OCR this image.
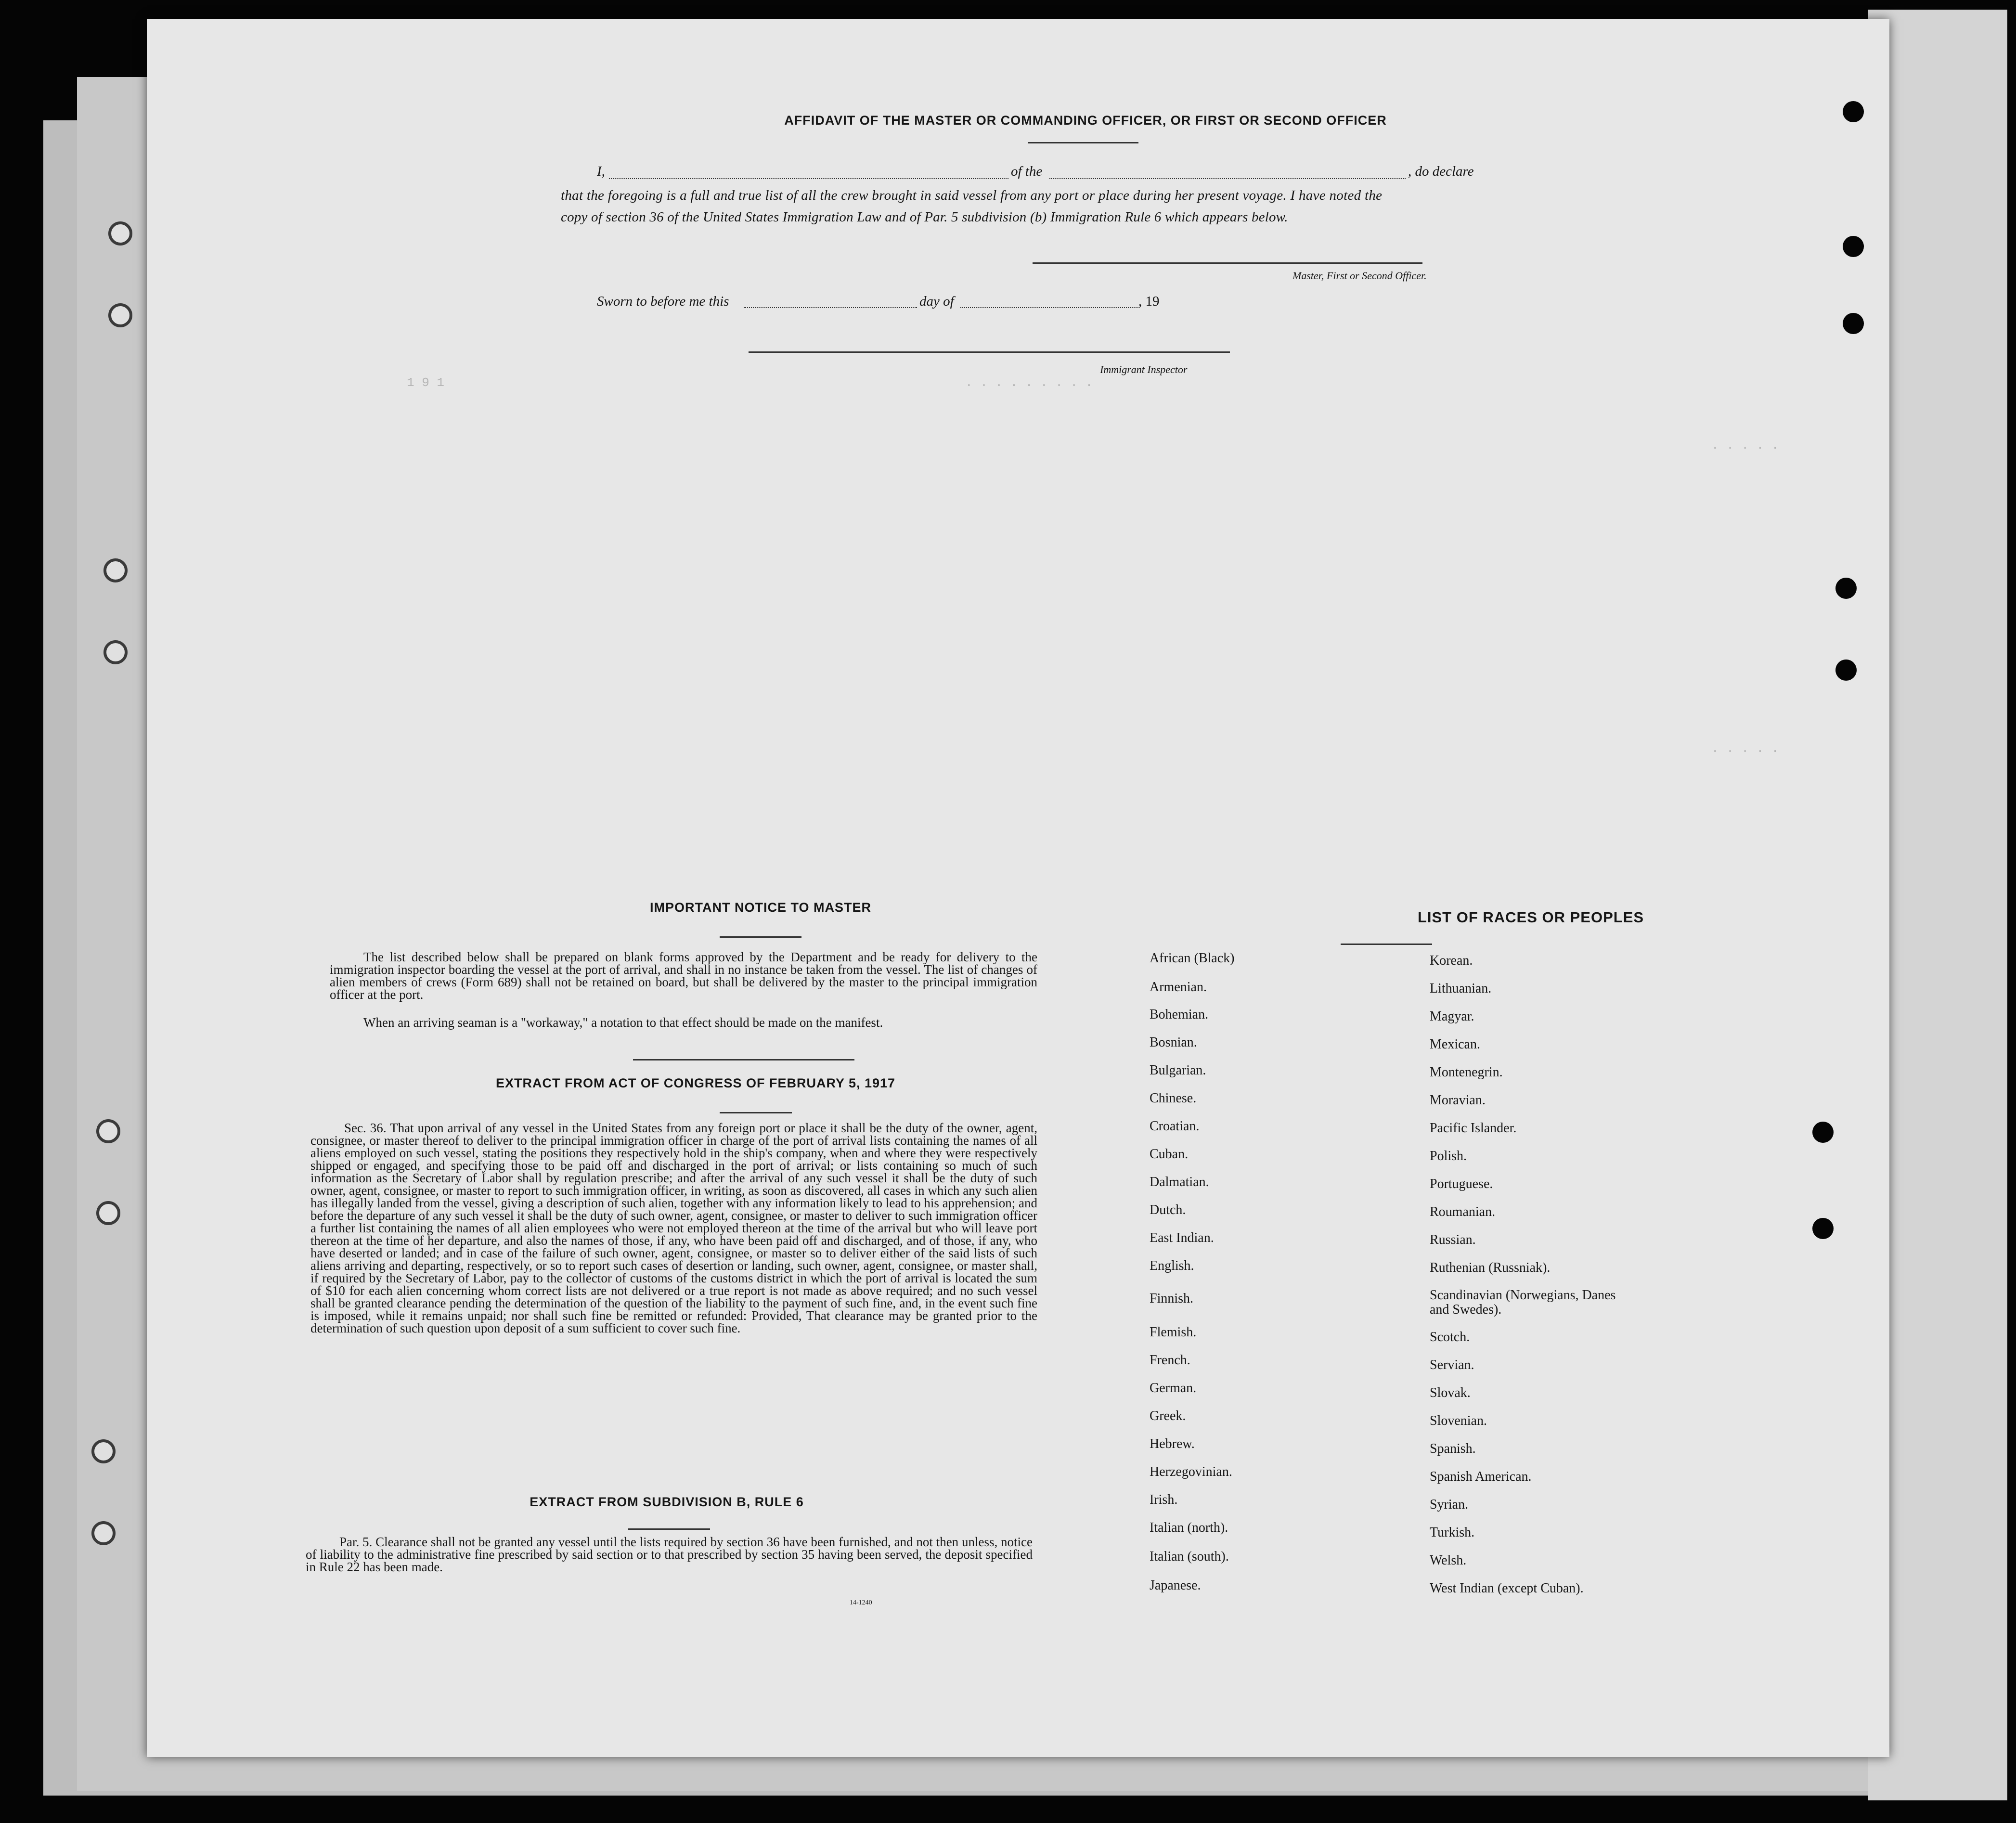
1 9 1	. . . . . . . . .
. . . . .
. . . . .
AFFIDAVIT OF THE MASTER OR COMMANDING OFFICER, OR FIRST OR SECOND OFFICER
I,	of the	, do declare
that the foregoing is a full and true list of all the crew brought in said vessel from any port or place during her present voyage. I have noted the
copy of section 36 of the United States Immigration Law and of Par. 5 subdivision (b) Immigration Rule 6 which appears below.
Master, First or Second Officer.
Sworn to before me this	day of	, 19
Immigrant Inspector
IMPORTANT NOTICE TO MASTER
The list described below shall be prepared on blank forms approved by the Department and be ready for delivery to the immigration inspector boarding the vessel at the port of arrival, and shall in no instance be taken from the vessel. The list of changes of alien members of crews (Form 689) shall not be retained on board, but shall be delivered by the master to the principal immigration officer at the port.
When an arriving seaman is a "workaway," a notation to that effect should be made on the manifest.
EXTRACT FROM ACT OF CONGRESS OF FEBRUARY 5, 1917
Sec. 36. That upon arrival of any vessel in the United States from any foreign port or place it shall be the duty of the owner, agent, consignee, or master thereof to deliver to the principal immigration officer in charge of the port of arrival lists containing the names of all aliens employed on such vessel, stating the positions they respectively hold in the ship's company, when and where they were respectively shipped or engaged, and specifying those to be paid off and discharged in the port of arrival; or lists containing so much of such information as the Secretary of Labor shall by regulation prescribe; and after the arrival of any such vessel it shall be the duty of such owner, agent, consignee, or master to report to such immigration officer, in writing, as soon as discovered, all cases in which any such alien has illegally landed from the vessel, giving a description of such alien, together with any information likely to lead to his apprehension; and before the departure of any such vessel it shall be the duty of such owner, agent, consignee, or master to deliver to such immigration officer a further list containing the names of all alien employees who were not employed thereon at the time of the arrival but who will leave port thereon at the time of her departure, and also the names of those, if any, who have been paid off and discharged, and of those, if any, who have deserted or landed; and in case of the failure of such owner, agent, consignee, or master so to deliver either of the said lists of such aliens arriving and departing, respectively, or so to report such cases of desertion or landing, such owner, agent, consignee, or master shall, if required by the Secretary of Labor, pay to the collector of customs of the customs district in which the port of arrival is located the sum of $10 for each alien concerning whom correct lists are not delivered or a true report is not made as above required; and no such vessel shall be granted clearance pending the determination of the question of the liability to the payment of such fine, and, in the event such fine is imposed, while it remains unpaid; nor shall such fine be remitted or refunded: Provided, That clearance may be granted prior to the determination of such question upon deposit of a sum sufficient to cover such fine.
EXTRACT FROM SUBDIVISION B, RULE 6
Par. 5. Clearance shall not be granted any vessel until the lists required by section 36 have been furnished, and not then unless, notice of liability to the administrative fine prescribed by said section or to that prescribed by section 35 having been served, the deposit specified in Rule 22 has been made.
14-1240
LIST OF RACES OR PEOPLES
African (Black)
Armenian.
Bohemian.
Bosnian.
Bulgarian.
Chinese.
Croatian.
Cuban.
Dalmatian.
Dutch.
East Indian.
English.
Finnish.
Flemish.
French.
German.
Greek.
Hebrew.
Herzegovinian.
Irish.
Italian (north).
Italian (south).
Japanese.
Korean.
Lithuanian.
Magyar.
Mexican.
Montenegrin.
Moravian.
Pacific Islander.
Polish.
Portuguese.
Roumanian.
Russian.
Ruthenian (Russniak).
Scandinavian (Norwegians, Danes and Swedes).
Scotch.
Servian.
Slovak.
Slovenian.
Spanish.
Spanish American.
Syrian.
Turkish.
Welsh.
West Indian (except Cuban).
